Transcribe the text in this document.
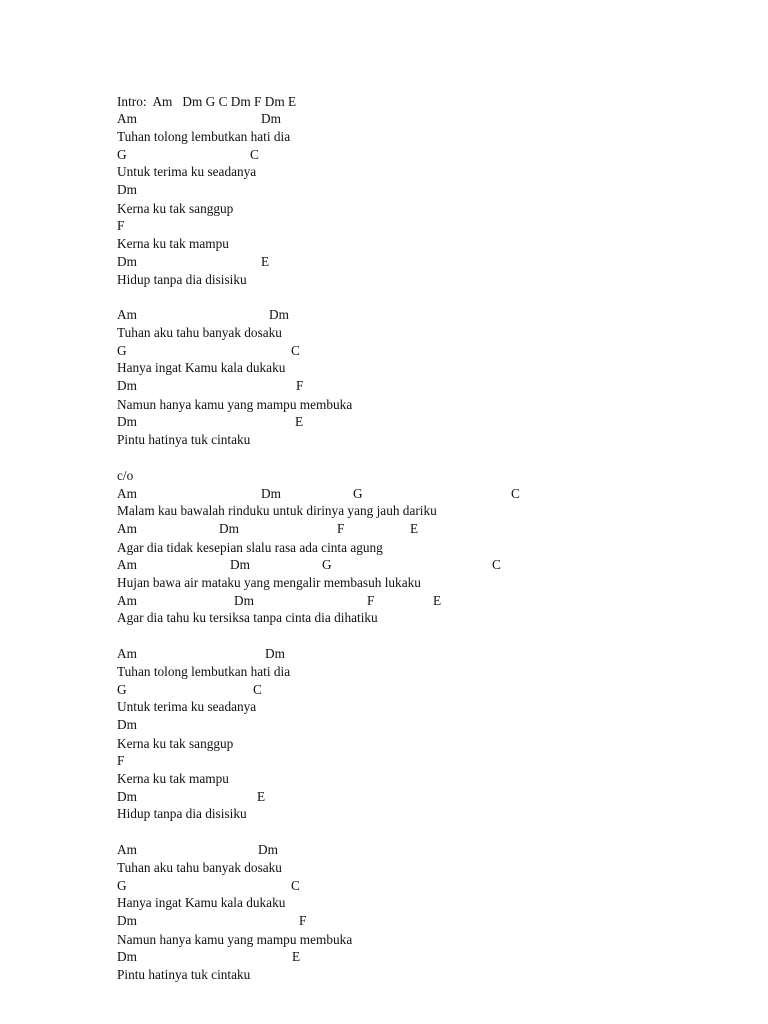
Intro:  Am   Dm G C Dm F Dm E

Am

	Dm

Tuhan tolong lembutkan hati dia

G

	C

Untuk terima ku seadanya

Dm

Kerna ku tak sanggup

F

Kerna ku tak mampu

Dm

	E

Hidup tanpa dia disisiku

Am

	Dm

Tuhan aku tahu banyak dosaku

G

	C

Hanya ingat Kamu kala dukaku

Dm

	F

Namun hanya kamu yang mampu membuka

Dm

	E

Pintu hatinya tuk cintaku
c/o

Am

	Dm

	G

	C

Malam kau bawalah rinduku untuk dirinya yang jauh dariku

Am

	Dm

	F

	E

Agar dia tidak kesepian slalu rasa ada cinta agung

Am

	Dm

	G

	C

Hujan bawa air mataku yang mengalir membasuh lukaku

Am

	Dm

	F

	E

Agar dia tahu ku tersiksa tanpa cinta dia dihatiku

Am

	Dm

Tuhan tolong lembutkan hati dia

G

	C

Untuk terima ku seadanya

Dm

Kerna ku tak sanggup

F

Kerna ku tak mampu

Dm

	E

Hidup tanpa dia disisiku

Am

	Dm

Tuhan aku tahu banyak dosaku

G

	C

Hanya ingat Kamu kala dukaku

Dm

	F

Namun hanya kamu yang mampu membuka

Dm

	E

Pintu hatinya tuk cintaku
